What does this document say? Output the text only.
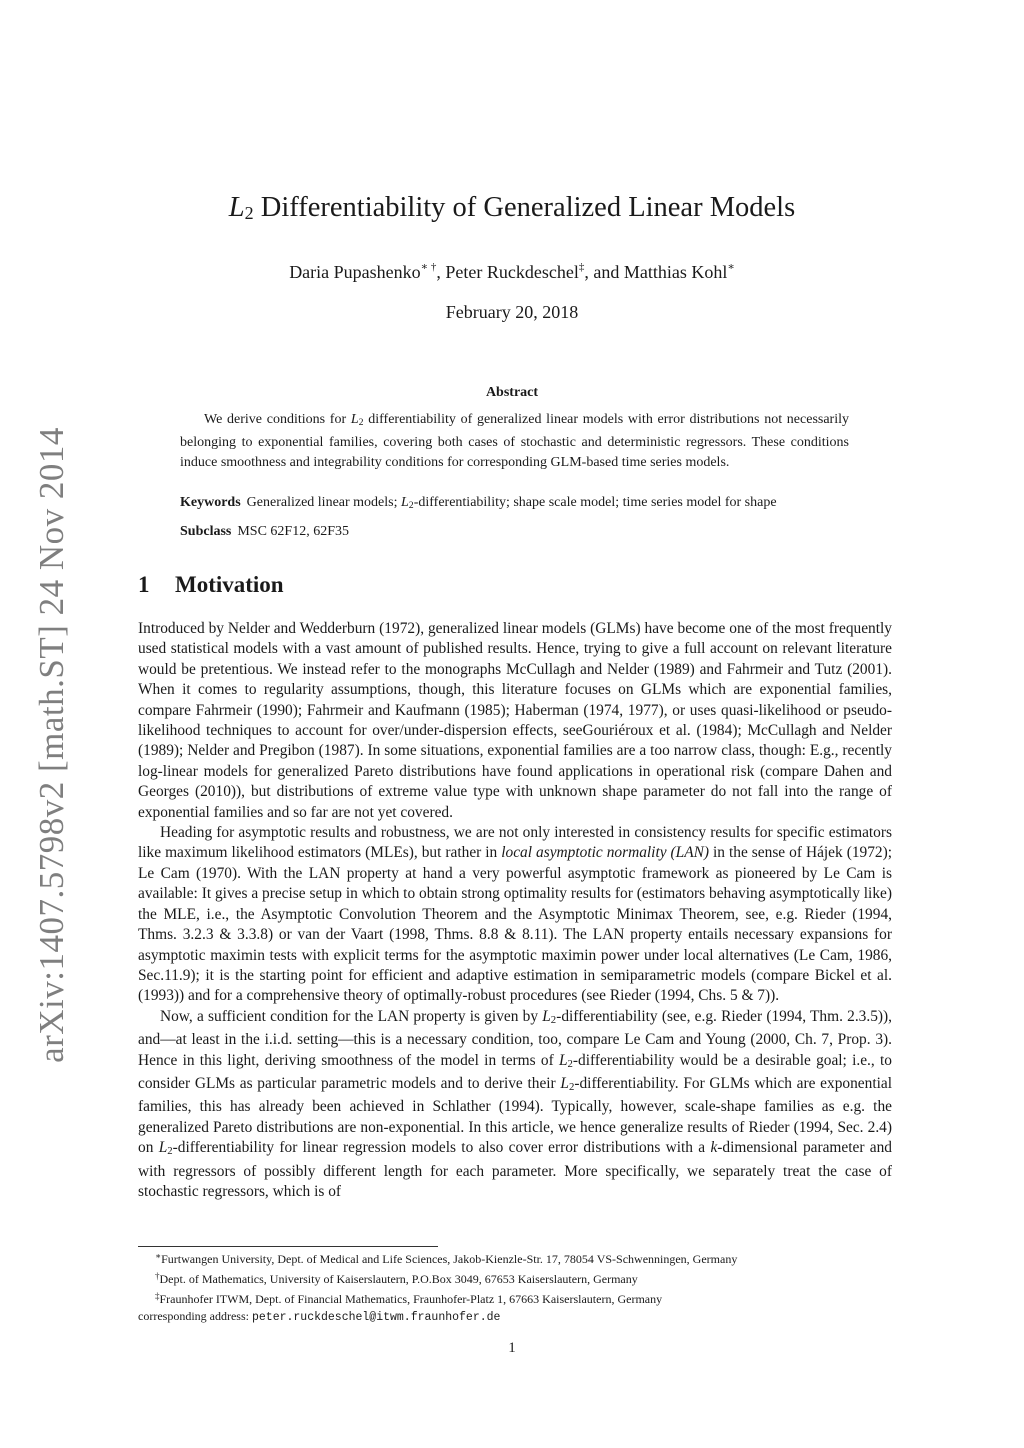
arXiv:1407.5798v2 [math.ST] 24 Nov 2014
$L_2$ Differentiability of Generalized Linear Models
Daria Pupashenko∗ †, Peter Ruckdeschel‡, and Matthias Kohl∗
February 20, 2018
Abstract

We derive conditions for $L_2$ differentiability of generalized linear models with error distributions not necessarily belonging to exponential families, covering both cases of stochastic and deterministic regressors. These conditions induce smoothness and integrability conditions for corresponding GLM-based time series models.

Keywords Generalized linear models; $L_2$-differentiability; shape scale model; time series model for shape
Subclass MSC 62F12, 62F35
1 Motivation

Introduced by Nelder and Wedderburn (1972), generalized linear models (GLMs) have become one of the most frequently used statistical models with a vast amount of published results. Hence, trying to give a full account on relevant literature would be pretentious. We instead refer to the monographs McCullagh and Nelder (1989) and Fahrmeir and Tutz (2001). When it comes to regularity assumptions, though, this literature focuses on GLMs which are exponential families, compare Fahrmeir (1990); Fahrmeir and Kaufmann (1985); Haberman (1974, 1977), or uses quasi-likelihood or pseudo-likelihood techniques to account for over/under-dispersion effects, seeGouriéroux et al. (1984); McCullagh and Nelder (1989); Nelder and Pregibon (1987). In some situations, exponential families are a too narrow class, though: E.g., recently log-linear models for generalized Pareto distributions have found applications in operational risk (compare Dahen and Georges (2010)), but distributions of extreme value type with unknown shape parameter do not fall into the range of exponential families and so far are not yet covered.

Heading for asymptotic results and robustness, we are not only interested in consistency results for specific estimators like maximum likelihood estimators (MLEs), but rather in local asymptotic normality (LAN) in the sense of Hájek (1972); Le Cam (1970). With the LAN property at hand a very powerful asymptotic framework as pioneered by Le Cam is available: It gives a precise setup in which to obtain strong optimality results for (estimators behaving asymptotically like) the MLE, i.e., the Asymptotic Convolution Theorem and the Asymptotic Minimax Theorem, see, e.g. Rieder (1994, Thms. 3.2.3 & 3.3.8) or van der Vaart (1998, Thms. 8.8 & 8.11). The LAN property entails necessary expansions for asymptotic maximin tests with explicit terms for the asymptotic maximin power under local alternatives (Le Cam, 1986, Sec.11.9); it is the starting point for efficient and adaptive estimation in semiparametric models (compare Bickel et al. (1993)) and for a comprehensive theory of optimally-robust procedures (see Rieder (1994, Chs. 5 & 7)).

Now, a sufficient condition for the LAN property is given by $L_2$-differentiability (see, e.g. Rieder (1994, Thm. 2.3.5)), and—at least in the i.i.d. setting—this is a necessary condition, too, compare Le Cam and Young (2000, Ch. 7, Prop. 3). Hence in this light, deriving smoothness of the model in terms of $L_2$-differentiability would be a desirable goal; i.e., to consider GLMs as particular parametric models and to derive their $L_2$-differentiability. For GLMs which are exponential families, this has already been achieved in Schlather (1994). Typically, however, scale-shape families as e.g. the generalized Pareto distributions are non-exponential. In this article, we hence generalize results of Rieder (1994, Sec. 2.4) on $L_2$-differentiability for linear regression models to also cover error distributions with a k-dimensional parameter and with regressors of possibly different length for each parameter. More specifically, we separately treat the case of stochastic regressors, which is of

∗Furtwangen University, Dept. of Medical and Life Sciences, Jakob-Kienzle-Str. 17, 78054 VS-Schwenningen, Germany
†Dept. of Mathematics, University of Kaiserslautern, P.O.Box 3049, 67653 Kaiserslautern, Germany
‡Fraunhofer ITWM, Dept. of Financial Mathematics, Fraunhofer-Platz 1, 67663 Kaiserslautern, Germany
corresponding address: peter.ruckdeschel@itwm.fraunhofer.de
1
